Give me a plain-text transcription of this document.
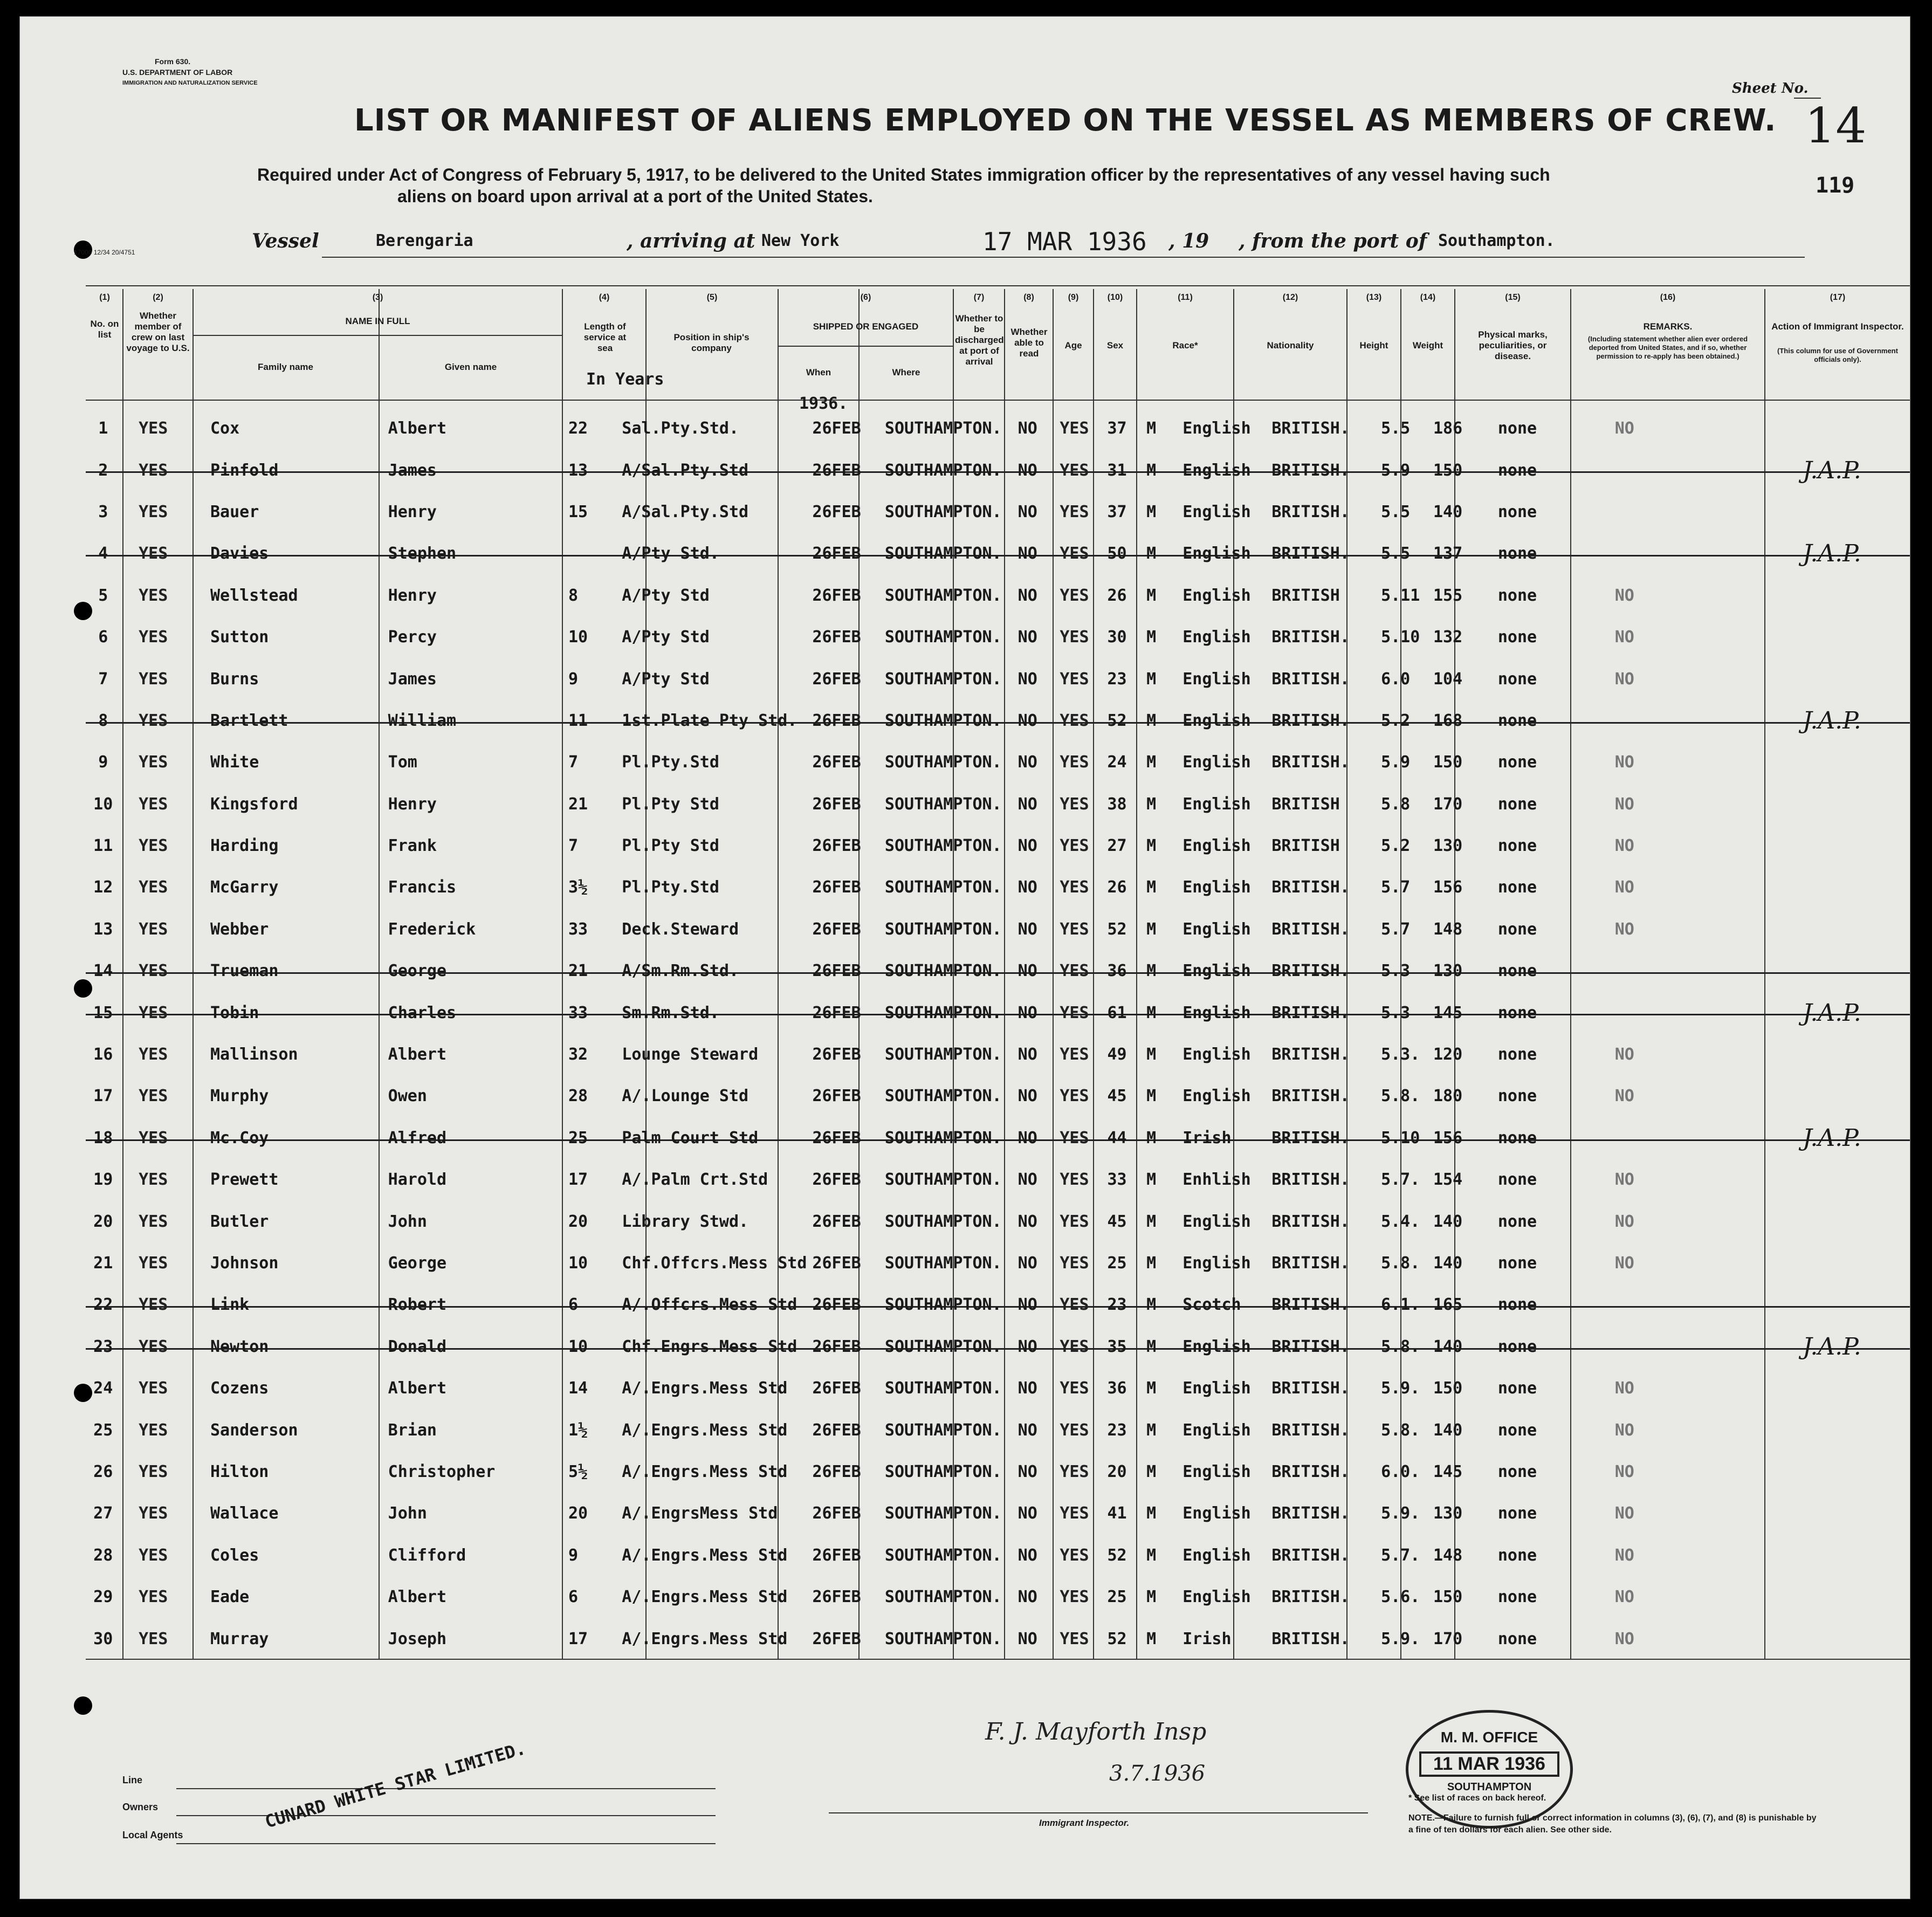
Form 630.
U.S. DEPARTMENT OF LABOR
IMMIGRATION AND NATURALIZATION SERVICE
17000 12/34 20/4751
Sheet No.
14
119
LIST OR MANIFEST OF ALIENS EMPLOYED ON THE VESSEL AS MEMBERS OF CREW.
Required under Act of Congress of February 5, 1917, to be delivered to the United States immigration officer by the representatives of any vessel having such
aliens on board upon arrival at a port of the United States.
Vessel	Berengaria	, arriving at New York	17 MAR 1936 , 19 , from the port of Southampton.
(1)	(2)	(3)	(4)	(5)	(6)	(7)	(8)	(9)	(10)	(11)	(12)	(13)	(14)	(15)	(16)	(17)
No. on list
Whether member of crew on last voyage to U.S.
NAME IN FULL
Family name	Given name
Length of service at sea
In Years
Position in ship's company
SHIPPED OR ENGAGED
When	Where
Whether to be discharged at port of arrival
Whether able to read
Age	Sex	Race*	Nationality	Height	Weight
Physical marks, peculiarities, or disease.
REMARKS.
(Including statement whether alien ever ordered deported from United States, and if so, whether permission to re-apply has been obtained.)
Action of Immigrant Inspector.
(This column for use of Government officials only).
1936.
1	YES	Cox	Albert	22	Sal.Pty.Std.	26FEB	SOUTHAMPTON.	NO	YES	37	M	English	BRITISH.	5.5	186	none	NO	
2	YES	Pinfold	James	13	A/Sal.Pty.Std	26FEB	SOUTHAMPTON.	NO	YES	31	M	English	BRITISH.	5.9	150	none		J.A.P.
3	YES	Bauer	Henry	15	A/Sal.Pty.Std	26FEB	SOUTHAMPTON.	NO	YES	37	M	English	BRITISH.	5.5	140	none		
4	YES	Davies	Stephen		A/Pty Std.	26FEB	SOUTHAMPTON.	NO	YES	50	M	English	BRITISH.	5.5	137	none		J.A.P.
5	YES	Wellstead	Henry	8	A/Pty Std	26FEB	SOUTHAMPTON.	NO	YES	26	M	English	BRITISH	5.11	155	none	NO	
6	YES	Sutton	Percy	10	A/Pty Std	26FEB	SOUTHAMPTON.	NO	YES	30	M	English	BRITISH.	5.10	132	none	NO	
7	YES	Burns	James	9	A/Pty Std	26FEB	SOUTHAMPTON.	NO	YES	23	M	English	BRITISH.	6.0	104	none	NO	
8	YES	Bartlett	William	11	1st.Plate Pty Std.	26FEB	SOUTHAMPTON.	NO	YES	52	M	English	BRITISH.	5.2	168	none		J.A.P.
9	YES	White	Tom	7	Pl.Pty.Std	26FEB	SOUTHAMPTON.	NO	YES	24	M	English	BRITISH.	5.9	150	none	NO	
10	YES	Kingsford	Henry	21	Pl.Pty Std	26FEB	SOUTHAMPTON.	NO	YES	38	M	English	BRITISH	5.8	170	none	NO	
11	YES	Harding	Frank	7	Pl.Pty Std	26FEB	SOUTHAMPTON.	NO	YES	27	M	English	BRITISH	5.2	130	none	NO	
12	YES	McGarry	Francis	3½	Pl.Pty.Std	26FEB	SOUTHAMPTON.	NO	YES	26	M	English	BRITISH.	5.7	156	none	NO	
13	YES	Webber	Frederick	33	Deck.Steward	26FEB	SOUTHAMPTON.	NO	YES	52	M	English	BRITISH.	5.7	148	none	NO	
14	YES	Trueman	George	21	A/Sm.Rm.Std.	26FEB	SOUTHAMPTON.	NO	YES	36	M	English	BRITISH.	5.3	130	none		
15	YES	Tobin	Charles	33	Sm.Rm.Std.	26FEB	SOUTHAMPTON.	NO	YES	61	M	English	BRITISH.	5.3	145	none		J.A.P.
16	YES	Mallinson	Albert	32	Lounge Steward	26FEB	SOUTHAMPTON.	NO	YES	49	M	English	BRITISH.	5.3.	120	none	NO	
17	YES	Murphy	Owen	28	A/.Lounge Std	26FEB	SOUTHAMPTON.	NO	YES	45	M	English	BRITISH.	5.8.	180	none	NO	
18	YES	Mc.Coy	Alfred	25	Palm Court Std	26FEB	SOUTHAMPTON.	NO	YES	44	M	Irish	BRITISH.	5.10	156	none		J.A.P.
19	YES	Prewett	Harold	17	A/.Palm Crt.Std	26FEB	SOUTHAMPTON.	NO	YES	33	M	Enhlish	BRITISH.	5.7.	154	none	NO	
20	YES	Butler	John	20	Library Stwd.	26FEB	SOUTHAMPTON.	NO	YES	45	M	English	BRITISH.	5.4.	140	none	NO	
21	YES	Johnson	George	10	Chf.Offcrs.Mess Std	26FEB	SOUTHAMPTON.	NO	YES	25	M	English	BRITISH.	5.8.	140	none	NO	
22	YES	Link	Robert	6	A/.Offcrs.Mess Std	26FEB	SOUTHAMPTON.	NO	YES	23	M	Scotch	BRITISH.	6.1.	165	none		
23	YES	Newton	Donald	10	Chf.Engrs.Mess Std	26FEB	SOUTHAMPTON.	NO	YES	35	M	English	BRITISH.	5.8.	140	none		J.A.P.
24	YES	Cozens	Albert	14	A/.Engrs.Mess Std	26FEB	SOUTHAMPTON.	NO	YES	36	M	English	BRITISH.	5.9.	150	none	NO	
25	YES	Sanderson	Brian	1½	A/.Engrs.Mess Std	26FEB	SOUTHAMPTON.	NO	YES	23	M	English	BRITISH.	5.8.	140	none	NO	
26	YES	Hilton	Christopher	5½	A/.Engrs.Mess Std	26FEB	SOUTHAMPTON.	NO	YES	20	M	English	BRITISH.	6.0.	145	none	NO	
27	YES	Wallace	John	20	A/.EngrsMess Std	26FEB	SOUTHAMPTON.	NO	YES	41	M	English	BRITISH.	5.9.	130	none	NO	
28	YES	Coles	Clifford	9	A/.Engrs.Mess Std	26FEB	SOUTHAMPTON.	NO	YES	52	M	English	BRITISH.	5.7.	148	none	NO	
29	YES	Eade	Albert	6	A/.Engrs.Mess Std	26FEB	SOUTHAMPTON.	NO	YES	25	M	English	BRITISH.	5.6.	150	none	NO	
30	YES	Murray	Joseph	17	A/.Engrs.Mess Std	26FEB	SOUTHAMPTON.	NO	YES	52	M	Irish	BRITISH.	5.9.	170	none	NO	
Line
Owners
Local Agents
CUNARD WHITE STAR LIMITED.
F. J. Mayforth Insp
3.7.1936
Immigrant Inspector.
M. M. OFFICE
11 MAR 1936
SOUTHAMPTON
* See list of races on back hereof.
NOTE.—Failure to furnish full or correct information in columns (3), (6), (7), and (8) is punishable by a fine of ten dollars for each alien. See other side.
